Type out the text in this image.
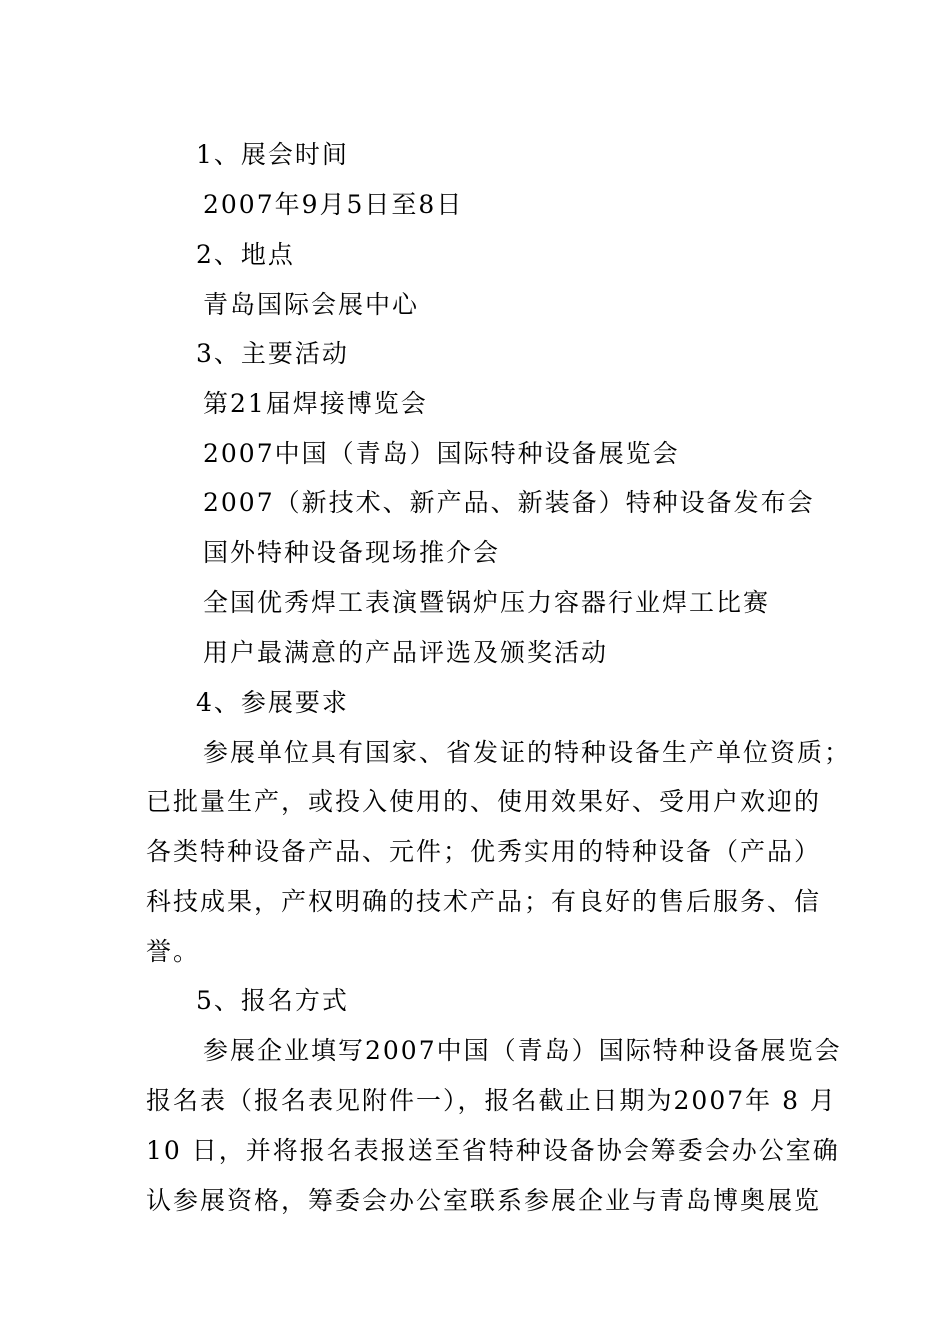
1、展会时间
2007年9月5日至8日
2、地点
青岛国际会展中心
3、主要活动
第21届焊接博览会
2007中国（青岛）国际特种设备展览会
2007（新技术、新产品、新装备）特种设备发布会
国外特种设备现场推介会
全国优秀焊工表演暨锅炉压力容器行业焊工比赛
用户最满意的产品评选及颁奖活动
4、参展要求
参展单位具有国家、省发证的特种设备生产单位资质；
已批量生产，或投入使用的、使用效果好、受用户欢迎的
各类特种设备产品、元件；优秀实用的特种设备（产品）
科技成果，产权明确的技术产品；有良好的售后服务、信
誉。
5、报名方式
参展企业填写2007中国（青岛）国际特种设备展览会
报名表（报名表见附件一），报名截止日期为2007年 8 月
10 日，并将报名表报送至省特种设备协会筹委会办公室确
认参展资格，筹委会办公室联系参展企业与青岛博奥展览
